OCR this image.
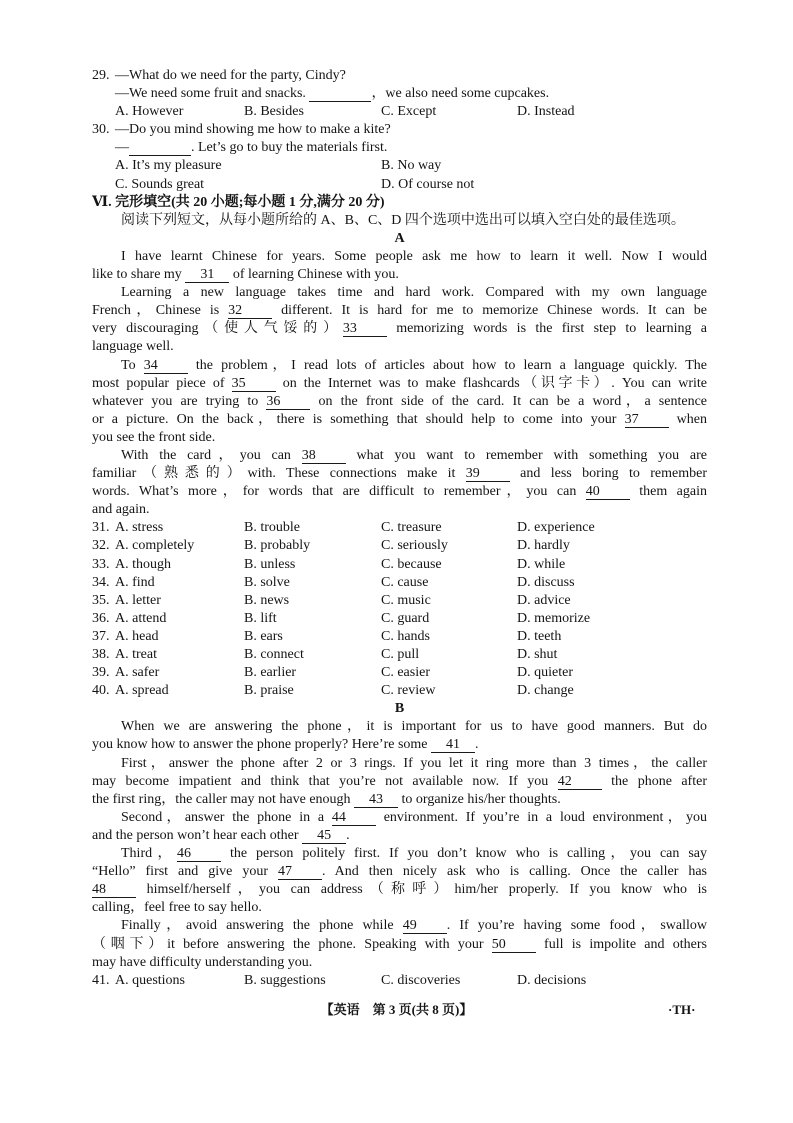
29. —What do we need for the party, Cindy?
—We need some fruit and snacks. ​	，we also need some cupcakes.
A. However	B. Besides	C. Except	D. Instead
30. —Do you mind showing me how to make a kite?
— ​	. Let’s go to buy the materials first.
A. It’s my pleasure	B. No way
C. Sounds great	D. Of course not
Ⅵ. 完形填空(共 20 小题;每小题 1 分,满分 20 分)
阅读下列短文，从每小题所给的 A、B、C、D 四个选项中选出可以填入空白处的最佳选项。
A
I have learnt Chinese for years. Some people ask me how to learn it well. Now I would
like to share my 31 ​ of learning Chinese with you.
Learning a new language takes time and hard work. Compared with my own language
French，Chinese is 32 ​ different. It is hard for me to memorize Chinese words. It can be
very discouraging（使人气馁的）33 ​ memorizing words is the first step to learning a
language well.
To 34 ​ the problem，I read lots of articles about how to learn a language quickly. The
most popular piece of 35 ​ on the Internet was to make flashcards（识字卡）. You can write
whatever you are trying to 36 ​ on the front side of the card. It can be a word，a sentence
or a picture. On the back，there is something that should help to come into your 37 ​ when
you see the front side.
With the card，you can 38 ​ what you want to remember with something you are
familiar（熟悉的）with. These connections make it 39 ​ and less boring to remember
words. What’s more，for words that are difficult to remember，you can 40 ​ them again
and again.
31. A. stress	B. trouble	C. treasure	D. experience
32. A. completely	B. probably	C. seriously	D. hardly
33. A. though	B. unless	C. because	D. while
34. A. find	B. solve	C. cause	D. discuss
35. A. letter	B. news	C. music	D. advice
36. A. attend	B. lift	C. guard	D. memorize
37. A. head	B. ears	C. hands	D. teeth
38. A. treat	B. connect	C. pull	D. shut
39. A. safer	B. earlier	C. easier	D. quieter
40. A. spread	B. praise	C. review	D. change
B
When we are answering the phone，it is important for us to have good manners. But do
you know how to answer the phone properly? Here’re some 41 ​ .
First，answer the phone after 2 or 3 rings. If you let it ring more than 3 times，the caller
may become impatient and think that you’re not available now. If you 42 ​ the phone after
the first ring，the caller may not have enough 43 ​ to organize his/her thoughts.
Second，answer the phone in a 44 ​ environment. If you’re in a loud environment，you
and the person won’t hear each other 45 ​ .
Third，46 ​ the person politely first. If you don’t know who is calling，you can say
“Hello” first and give your 47 ​ . And then nicely ask who is calling. Once the caller has
48 ​ himself/herself，you can address（称呼）him/her properly. If you know who is
calling，feel free to say hello.
Finally，avoid answering the phone while 49 ​ . If you’re having some food，swallow
（咽下）it before answering the phone. Speaking with your 50 ​ full is impolite and others
may have difficulty understanding you.
41. A. questions	B. suggestions	C. discoveries	D. decisions
【英语　第 3 页(共 8 页)】	·TH·
